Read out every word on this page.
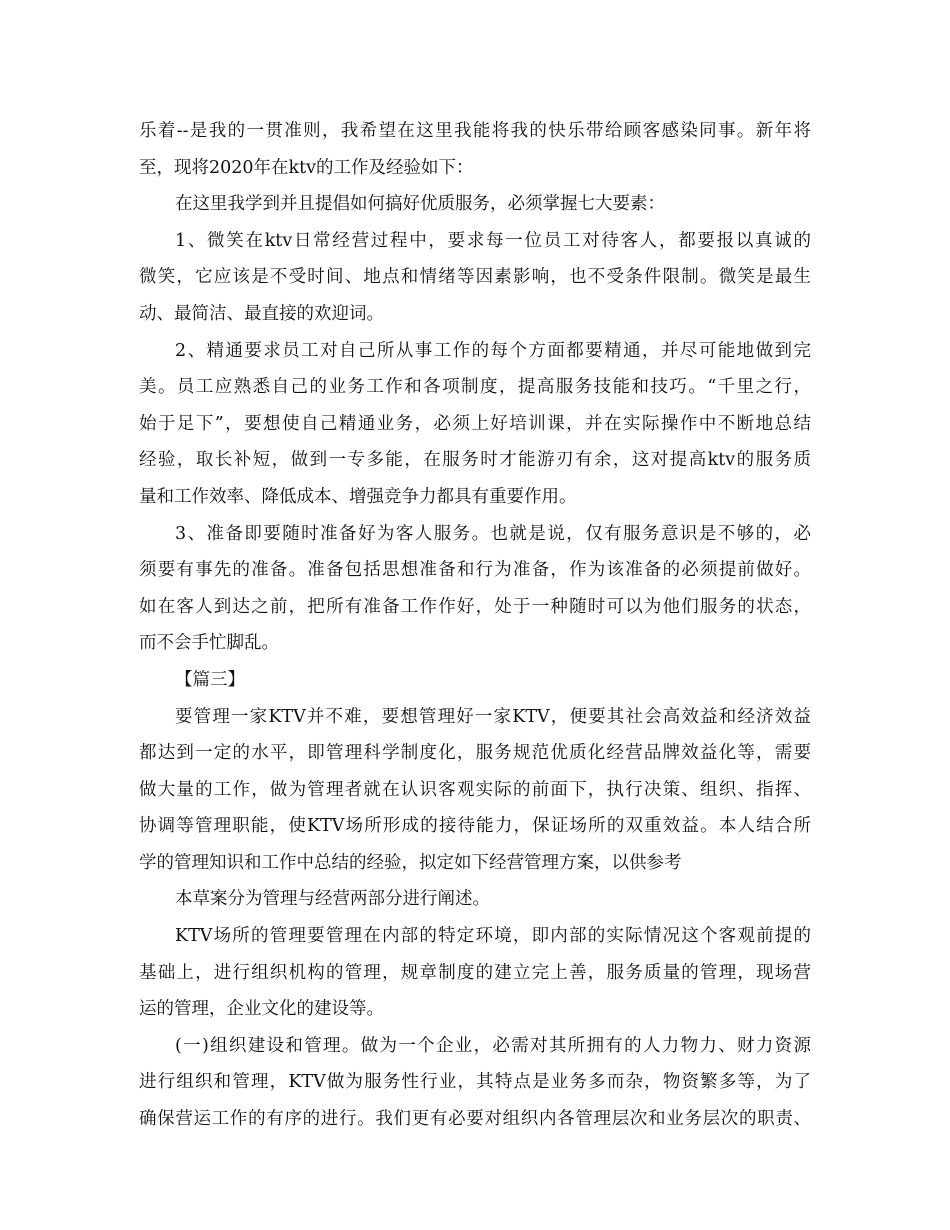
乐着--是我的一贯准则，我希望在这里我能将我的快乐带给顾客感染同事。新年将
至，现将2020年在ktv的工作及经验如下：
在这里我学到并且提倡如何搞好优质服务，必须掌握七大要素：
1、微笑在ktv日常经营过程中，要求每一位员工对待客人，都要报以真诚的
微笑，它应该是不受时间、地点和情绪等因素影响，也不受条件限制。微笑是最生
动、最简洁、最直接的欢迎词。
2、精通要求员工对自己所从事工作的每个方面都要精通，并尽可能地做到完
美。员工应熟悉自己的业务工作和各项制度，提高服务技能和技巧。“千里之行，
始于足下”，要想使自己精通业务，必须上好培训课，并在实际操作中不断地总结
经验，取长补短，做到一专多能，在服务时才能游刃有余，这对提高ktv的服务质
量和工作效率、降低成本、增强竞争力都具有重要作用。
3、准备即要随时准备好为客人服务。也就是说，仅有服务意识是不够的，必
须要有事先的准备。准备包括思想准备和行为准备，作为该准备的必须提前做好。
如在客人到达之前，把所有准备工作作好，处于一种随时可以为他们服务的状态，
而不会手忙脚乱。
【篇三】
要管理一家KTV并不难，要想管理好一家KTV，便要其社会高效益和经济效益
都达到一定的水平，即管理科学制度化，服务规范优质化经营品牌效益化等，需要
做大量的工作，做为管理者就在认识客观实际的前面下，执行决策、组织、指挥、
协调等管理职能，使KTV场所形成的接待能力，保证场所的双重效益。本人结合所
学的管理知识和工作中总结的经验，拟定如下经营管理方案，以供参考
本草案分为管理与经营两部分进行阐述。
KTV场所的管理要管理在内部的特定环境，即内部的实际情况这个客观前提的
基础上，进行组织机构的管理，规章制度的建立完上善，服务质量的管理，现场营
运的管理，企业文化的建设等。
(一)组织建设和管理。做为一个企业，必需对其所拥有的人力物力、财力资源
进行组织和管理，KTV做为服务性行业，其特点是业务多而杂，物资繁多等，为了
确保营运工作的有序的进行。我们更有必要对组织内各管理层次和业务层次的职责、
